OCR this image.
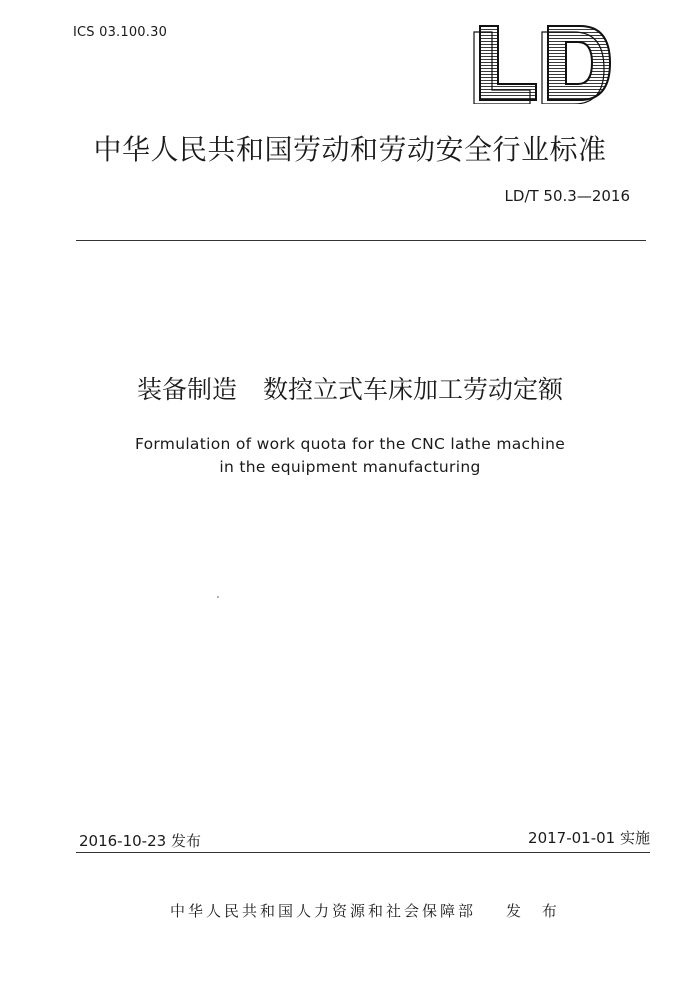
ICS 03.100.30
中华人民共和国劳动和劳动安全行业标准
LD/T 50.3—2016
装备制造 数控立式车床加工劳动定额
Formulation of work quota for the CNC lathe machine
in the equipment manufacturing
2016-10-23 发布	2017-01-01 实施
中华人民共和国人力资源和社会保障部 发 布
